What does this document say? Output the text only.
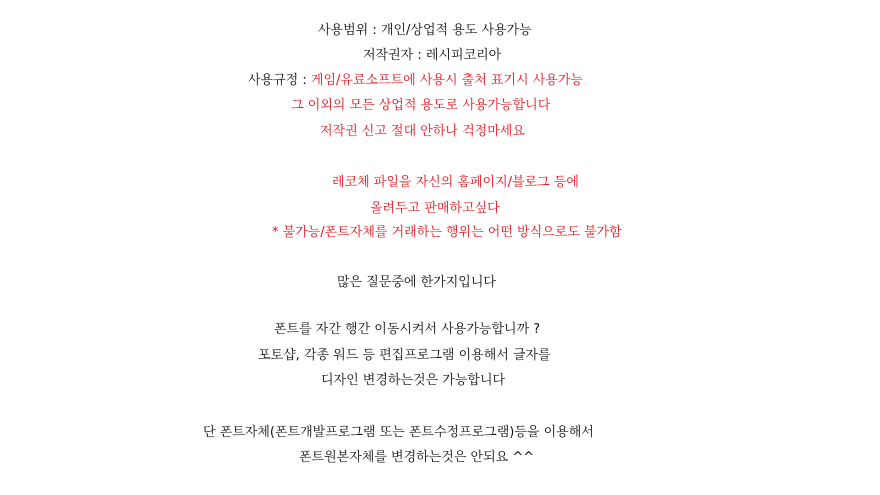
사용범위 : 개인/상업적 용도 사용가능
저작권자 : 레시피코리아
사용규정 : 게임/유료소프트에 사용시 출처 표기시 사용가능
그 이외의 모든 상업적 용도로 사용가능합니다
저작권 신고 절대 안하나 걱정마세요
레코체 파일을 자신의 홈페이지/블로그 등에
올려두고 판매하고싶다
* 불가능/폰트자체를 거래하는 행위는 어떤 방식으로도 불가함
많은 질문중에 한가지입니다
폰트를 자간 행간 이동시켜서 사용가능합니까 ?
포토샵, 각종 워드 등 편집프로그램 이용해서 글자를
디자인 변경하는것은 가능합니다
단 폰트자체(폰트개발프로그램 또는 폰트수정프로그램)등을 이용해서
폰트원본자체를 변경하는것은 안되요 ^^
